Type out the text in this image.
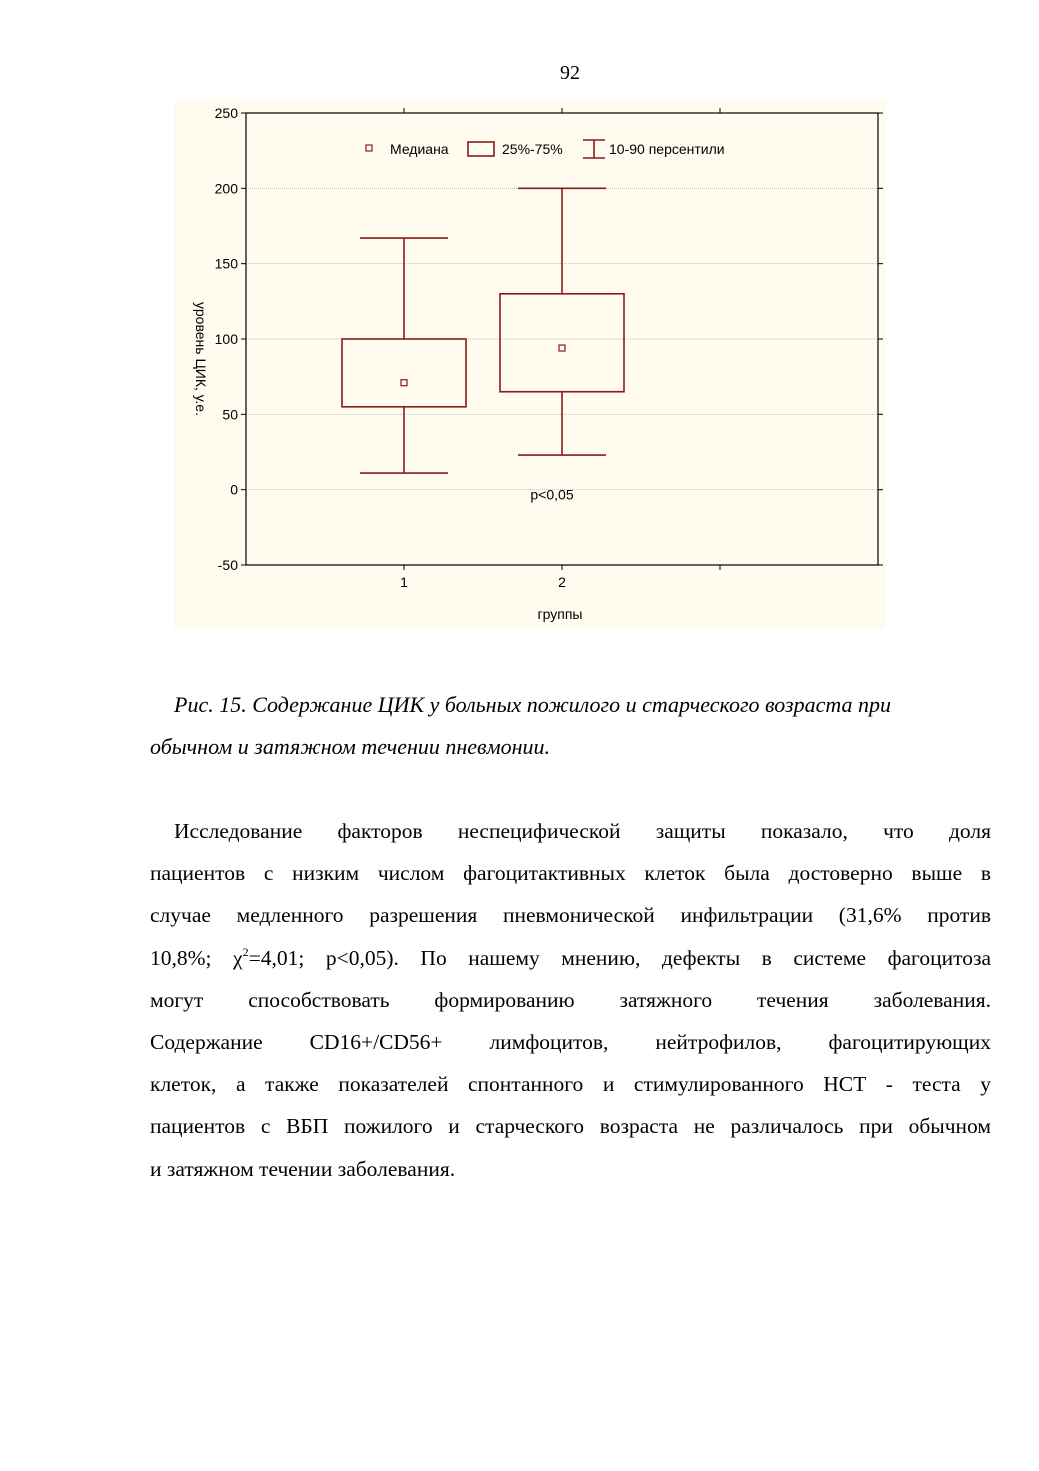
92
250
200
150
100
50
0
-50
1	2
группы
уровень ЦИК, у.е.
p<0,05
Медиана	25%-75%	10-90 персентили
Рис. 15. Содержание ЦИК у больных пожилого и старческого возраста при
обычном и затяжном течении пневмонии.
Исследование факторов неспецифической защиты показало, что доля
пациентов с низким числом фагоцитактивных клеток была достоверно выше в
случае медленного разрешения пневмонической инфильтрации (31,6% против
10,8%; $\chi^2=4,01$; p<0,05). По нашему мнению, дефекты в системе фагоцитоза
могут способствовать формированию затяжного течения заболевания.
Содержание CD16+/CD56+ лимфоцитов, нейтрофилов, фагоцитирующих
клеток, а также показателей спонтанного и стимулированного НСТ - теста у
пациентов с ВБП пожилого и старческого возраста не различалось при обычном
и затяжном течении заболевания.
